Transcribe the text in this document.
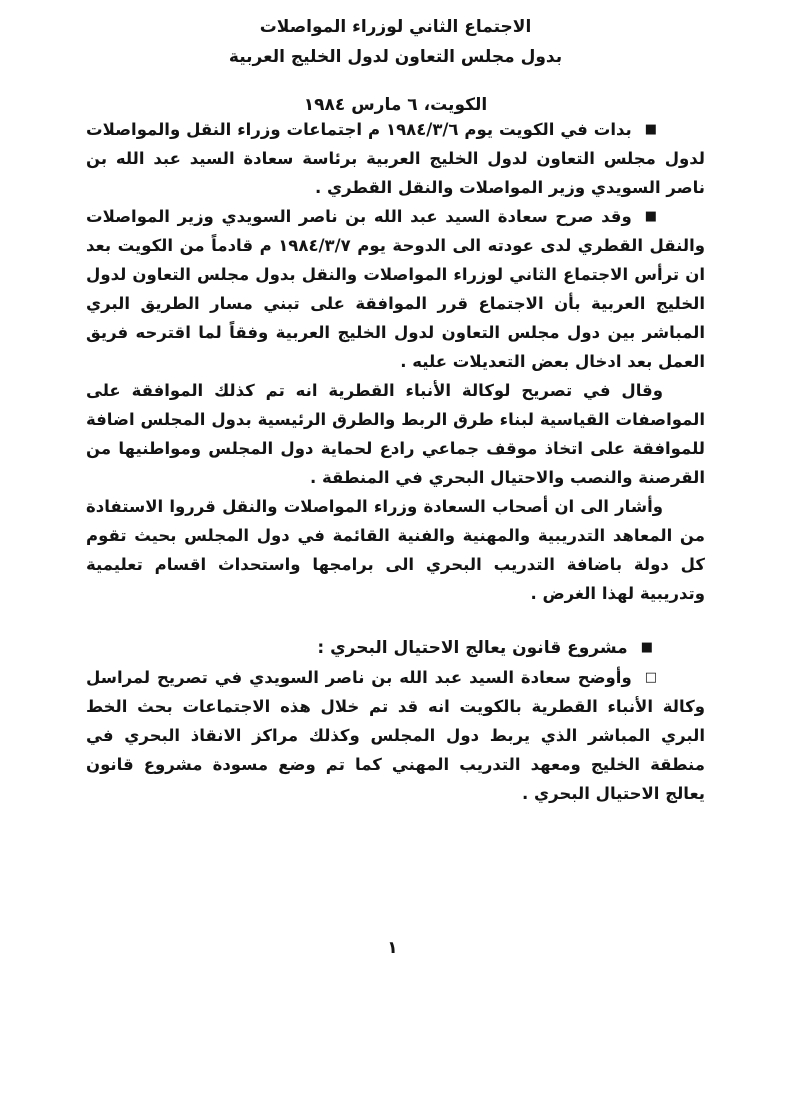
الاجتماع الثاني لوزراء المواصلات
بدول مجلس التعاون لدول الخليج العربية
الكويت، ٦ مارس ١٩٨٤

■بدات في الكويت يوم ١٩٨٤/٣/٦ م اجتماعات وزراء النقل والمواصلات لدول مجلس التعاون لدول الخليج العربية برئاسة سعادة السيد عبد الله بن ناصر السويدي وزير المواصلات والنقل القطري .

■وقد صرح سعادة السيد عبد الله بن ناصر السويدي وزير المواصلات والنقل القطري لدى عودته الى الدوحة يوم ١٩٨٤/٣/٧ م قادماً من الكويت بعد ان ترأس الاجتماع الثاني لوزراء المواصلات والنقل بدول مجلس التعاون لدول الخليج العربية بأن الاجتماع قرر الموافقة على تبني مسار الطريق البري المباشر بين دول مجلس التعاون لدول الخليج العربية وفقاً لما اقترحه فريق العمل بعد ادخال بعض التعديلات عليه .

وقال في تصريح لوكالة الأنباء القطرية انه تم كذلك الموافقة على المواصفات القياسية لبناء طرق الربط والطرق الرئيسية بدول المجلس اضافة للموافقة على اتخاذ موقف جماعي رادع لحماية دول المجلس ومواطنيها من القرصنة والنصب والاحتيال البحري في المنطقة .

وأشار الى ان أصحاب السعادة وزراء المواصلات والنقل قرروا الاستفادة من المعاهد التدريبية والمهنية والفنية القائمة في دول المجلس بحيث تقوم كل دولة باضافة التدريب البحري الى برامجها واستحداث اقسام تعليمية وتدريبية لهذا الغرض .

■مشروع قانون يعالج الاحتيال البحري :

□وأوضح سعادة السيد عبد الله بن ناصر السويدي في تصريح لمراسل وكالة الأنباء القطرية بالكويت انه قد تم خلال هذه الاجتماعات بحث الخط البري المباشر الذي يربط دول المجلس وكذلك مراكز الانقاذ البحري في منطقة الخليج ومعهد التدريب المهني كما تم وضع مسودة مشروع قانون يعالج الاحتيال البحري .

١
